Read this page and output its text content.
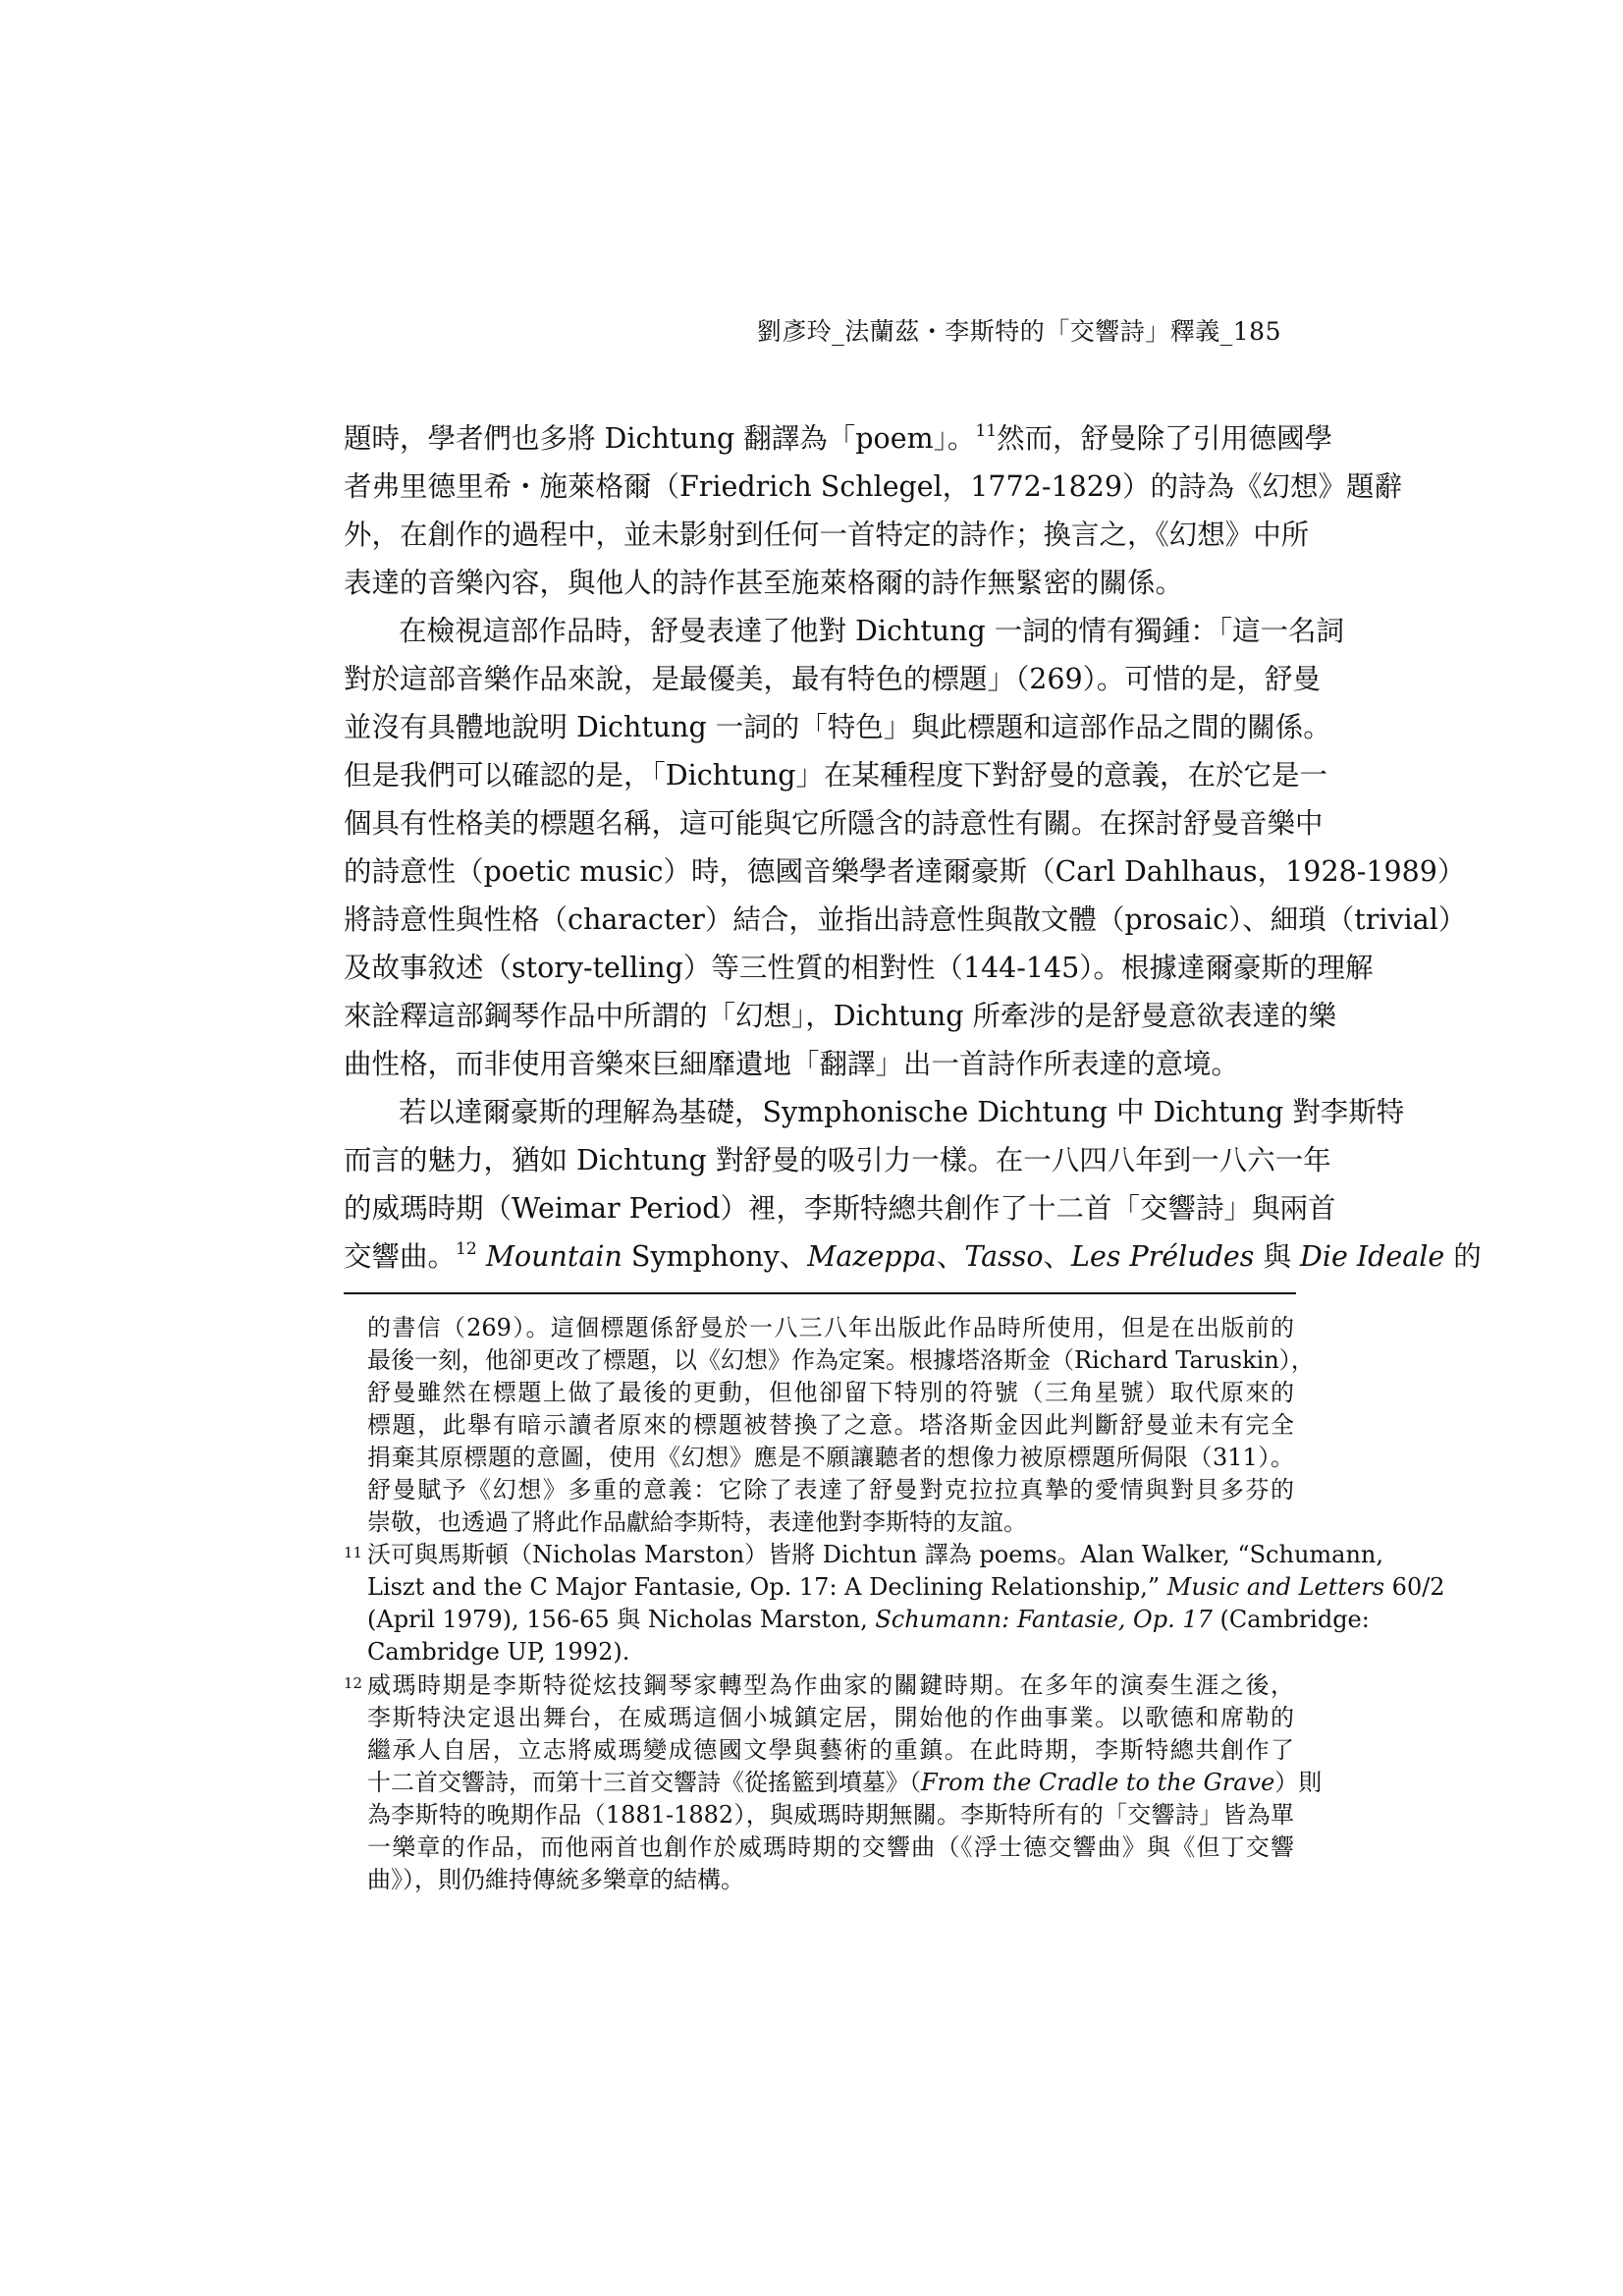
劉彥玲_法蘭茲・李斯特的「交響詩」釋義_185
題時，學者們也多將 Dichtung 翻譯為「poem」。$^{11}$然而，舒曼除了引用德國學
者弗里德里希・施萊格爾（Friedrich Schlegel，1772-1829）的詩為《幻想》題辭
外，在創作的過程中，並未影射到任何一首特定的詩作；換言之，《幻想》中所
表達的音樂內容，與他人的詩作甚至施萊格爾的詩作無緊密的關係。
在檢視這部作品時，舒曼表達了他對 Dichtung 一詞的情有獨鍾：「這一名詞
對於這部音樂作品來說，是最優美，最有特色的標題」（269）。可惜的是，舒曼
並沒有具體地說明 Dichtung 一詞的「特色」與此標題和這部作品之間的關係。
但是我們可以確認的是，「Dichtung」在某種程度下對舒曼的意義，在於它是一
個具有性格美的標題名稱，這可能與它所隱含的詩意性有關。在探討舒曼音樂中
的詩意性（poetic music）時，德國音樂學者達爾豪斯（Carl Dahlhaus，1928-1989）
將詩意性與性格（character）結合，並指出詩意性與散文體（prosaic）、細瑣（trivial）
及故事敘述（story-telling）等三性質的相對性（144-145）。根據達爾豪斯的理解
來詮釋這部鋼琴作品中所謂的「幻想」，Dichtung 所牽涉的是舒曼意欲表達的樂
曲性格，而非使用音樂來巨細靡遺地「翻譯」出一首詩作所表達的意境。
若以達爾豪斯的理解為基礎，Symphonische Dichtung 中 Dichtung 對李斯特
而言的魅力，猶如 Dichtung 對舒曼的吸引力一樣。在一八四八年到一八六一年
的威瑪時期（Weimar Period）裡，李斯特總共創作了十二首「交響詩」與兩首
交響曲。$^{12}$ Mountain Symphony、Mazeppa、Tasso、Les Préludes 與 Die Ideale 的
的書信（269）。這個標題係舒曼於一八三八年出版此作品時所使用，但是在出版前的
最後一刻，他卻更改了標題，以《幻想》作為定案。根據塔洛斯金（Richard Taruskin），
舒曼雖然在標題上做了最後的更動，但他卻留下特別的符號（三角星號）取代原來的
標題，此舉有暗示讀者原來的標題被替換了之意。塔洛斯金因此判斷舒曼並未有完全
捐棄其原標題的意圖，使用《幻想》應是不願讓聽者的想像力被原標題所侷限（311）。
舒曼賦予《幻想》多重的意義：它除了表達了舒曼對克拉拉真摯的愛情與對貝多芬的
崇敬，也透過了將此作品獻給李斯特，表達他對李斯特的友誼。
11 沃可與馬斯頓（Nicholas Marston）皆將 Dichtun 譯為 poems。Alan Walker, “Schumann,
Liszt and the C Major Fantasie, Op. 17: A Declining Relationship,” Music and Letters 60/2
(April 1979), 156-65 與 Nicholas Marston, Schumann: Fantasie, Op. 17 (Cambridge:
Cambridge UP, 1992).
12 威瑪時期是李斯特從炫技鋼琴家轉型為作曲家的關鍵時期。在多年的演奏生涯之後，
李斯特決定退出舞台，在威瑪這個小城鎮定居，開始他的作曲事業。以歌德和席勒的
繼承人自居，立志將威瑪變成德國文學與藝術的重鎮。在此時期，李斯特總共創作了
十二首交響詩，而第十三首交響詩《從搖籃到墳墓》（From the Cradle to the Grave）則
為李斯特的晚期作品（1881-1882），與威瑪時期無關。李斯特所有的「交響詩」皆為單
一樂章的作品，而他兩首也創作於威瑪時期的交響曲（《浮士德交響曲》與《但丁交響
曲》），則仍維持傳統多樂章的結構。
